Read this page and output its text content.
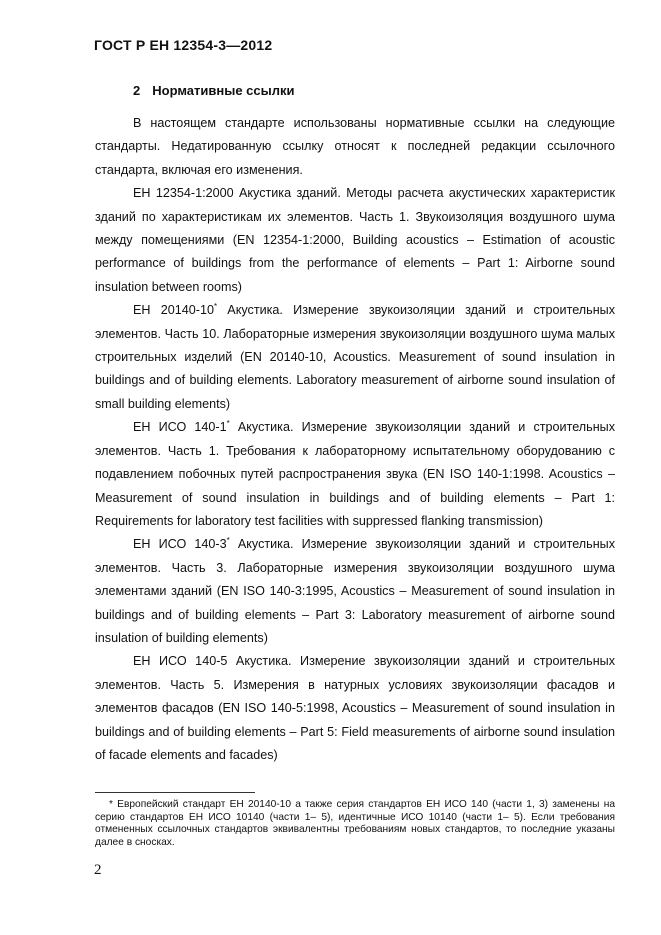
ГОСТ Р ЕН 12354-3—2012
2 Нормативные ссылки

В настоящем стандарте использованы нормативные ссылки на следующие стандарты. Недатированную ссылку относят к последней редакции ссылочного стандарта, включая его изменения.

ЕН 12354-1:2000 Акустика зданий. Методы расчета акустических характеристик зданий по характеристикам их элементов. Часть 1. Звукоизоляция воздушного шума между помещениями (EN 12354-1:2000, Building acoustics – Estimation of acoustic performance of buildings from the performance of elements – Part 1: Airborne sound insulation between rooms)

ЕН 20140-10* Акустика. Измерение звукоизоляции зданий и строительных элементов. Часть 10. Лабораторные измерения звукоизоляции воздушного шума малых строительных изделий (EN 20140-10, Acoustics. Measurement of sound insulation in buildings and of building elements. Laboratory measurement of airborne sound insulation of small building elements)

ЕН ИСО 140-1* Акустика. Измерение звукоизоляции зданий и строительных элементов. Часть 1. Требования к лабораторному испытательному оборудованию с подавлением побочных путей распространения звука (EN ISO 140-1:1998. Acoustics – Measurement of sound insulation in buildings and of building elements – Part 1: Requirements for laboratory test facilities with suppressed flanking transmission)

ЕН ИСО 140-3* Акустика. Измерение звукоизоляции зданий и строительных элементов. Часть 3. Лабораторные измерения звукоизоляции воздушного шума элементами зданий (EN ISO 140-3:1995, Acoustics – Measurement of sound insulation in buildings and of building elements – Part 3: Laboratory measurement of airborne sound insulation of building elements)

ЕН ИСО 140-5 Акустика. Измерение звукоизоляции зданий и строительных элементов. Часть 5. Измерения в натурных условиях звукоизоляции фасадов и элементов фасадов (EN ISO 140-5:1998, Acoustics – Measurement of sound insulation in buildings and of building elements – Part 5: Field measurements of airborne sound insulation of facade elements and facades)

* Европейский стандарт ЕН 20140-10 а также серия стандартов ЕН ИСО 140 (части 1, 3) заменены на серию стандартов ЕН ИСО 10140 (части 1– 5), идентичные ИСО 10140 (части 1– 5). Если требования отмененных ссылочных стандартов эквивалентны требованиям новых стандартов, то последние указаны далее в сносках.
2
